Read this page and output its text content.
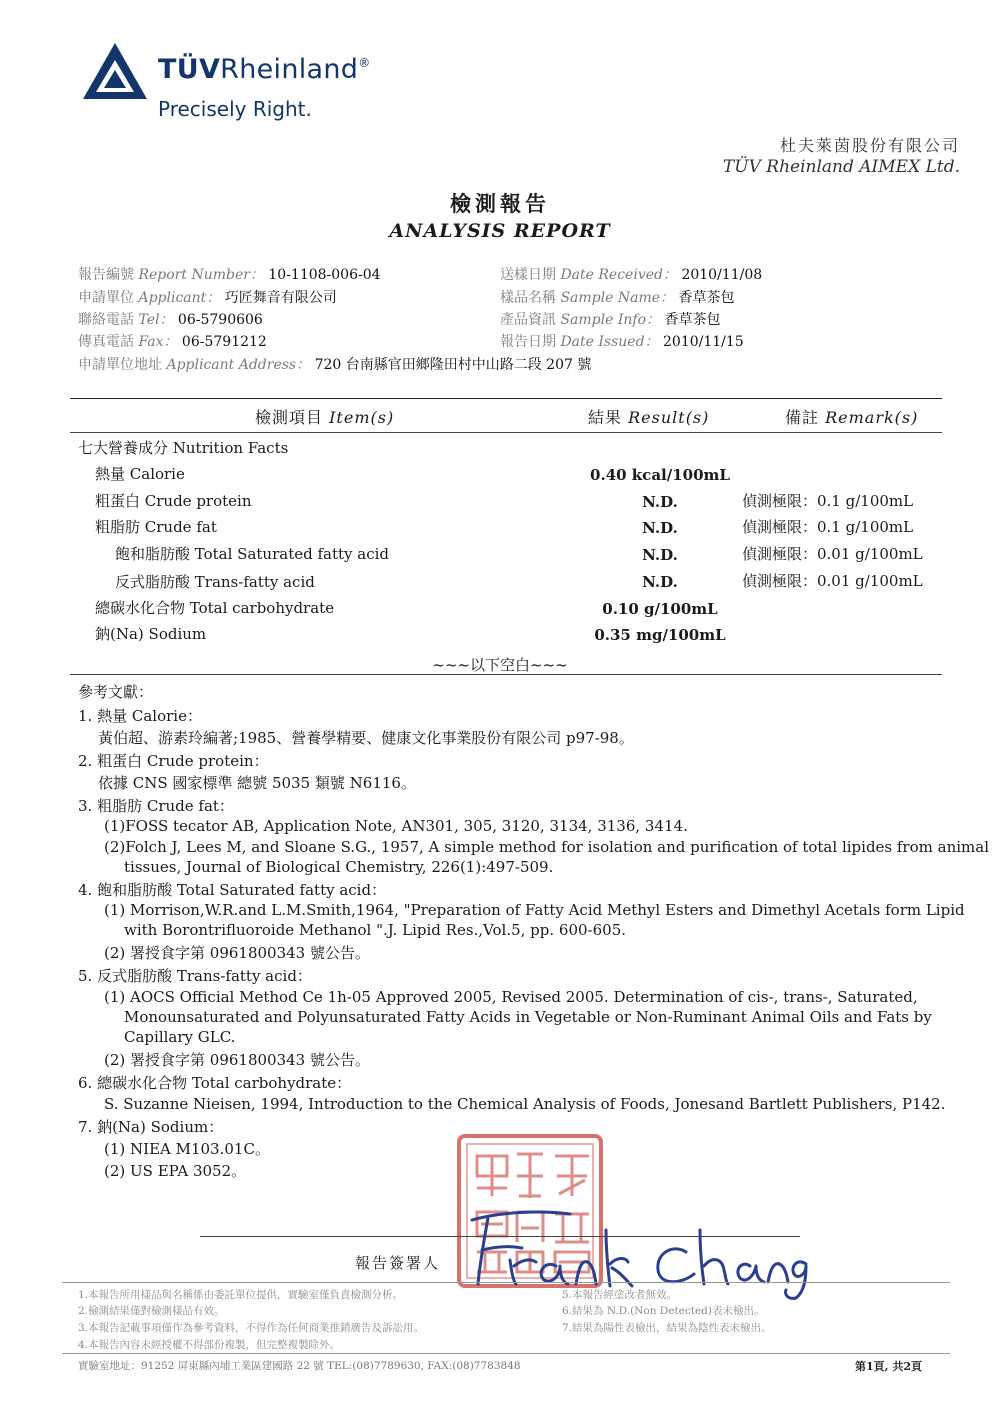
TÜVRheinland®
Precisely Right.
杜夫萊茵股份有限公司
TÜV Rheinland AIMEX Ltd.
檢測報告
ANALYSIS REPORT
報告編號 Report Number： 10-1108-006-04
申請單位 Applicant： 巧匠舞音有限公司
聯絡電話 Tel： 06-5790606
傳真電話 Fax： 06-5791212
申請單位地址 Applicant Address： 720 台南縣官田鄉隆田村中山路二段 207 號
送樣日期 Date Received： 2010/11/08
樣品名稱 Sample Name： 香草茶包
產品資訊 Sample Info： 香草茶包
報告日期 Date Issued： 2010/11/15
檢測項目 Item(s)	結果 Result(s)	備註 Remark(s)
七大營養成分 Nutrition Facts
熱量 Calorie	0.40 kcal/100mL
粗蛋白 Crude protein	N.D.	偵測極限：0.1 g/100mL
粗脂肪 Crude fat	N.D.	偵測極限：0.1 g/100mL
飽和脂肪酸 Total Saturated fatty acid	N.D.	偵測極限：0.01 g/100mL
反式脂肪酸 Trans-fatty acid	N.D.	偵測極限：0.01 g/100mL
總碳水化合物 Total carbohydrate	0.10 g/100mL
鈉(Na) Sodium	0.35 mg/100mL
~~~以下空白~~~
參考文獻：
1. 熱量 Calorie：
黃伯超、游素玲編著;1985、營養學精要、健康文化事業股份有限公司 p97-98。
2. 粗蛋白 Crude protein：
依據 CNS 國家標準 總號 5035 類號 N6116。
3. 粗脂肪 Crude fat：
(1)FOSS tecator AB, Application Note, AN301, 305, 3120, 3134, 3136, 3414.
(2)Folch J, Lees M, and Sloane S.G., 1957, A simple method for isolation and purification of total lipides from animal
tissues, Journal of Biological Chemistry, 226(1):497-509.
4. 飽和脂肪酸 Total Saturated fatty acid：
(1) Morrison,W.R.and L.M.Smith,1964, "Preparation of Fatty Acid Methyl Esters and Dimethyl Acetals form Lipid
with Borontrifluoroide Methanol ".J. Lipid Res.,Vol.5, pp. 600-605.
(2) 署授食字第 0961800343 號公告。
5. 反式脂肪酸 Trans-fatty acid：
(1) AOCS Official Method Ce 1h-05 Approved 2005, Revised 2005. Determination of cis-, trans-, Saturated,
Monounsaturated and Polyunsaturated Fatty Acids in Vegetable or Non-Ruminant Animal Oils and Fats by
Capillary GLC.
(2) 署授食字第 0961800343 號公告。
6. 總碳水化合物 Total carbohydrate：
S. Suzanne Nieisen, 1994, Introduction to the Chemical Analysis of Foods, Jonesand Bartlett Publishers, P142.
7. 鈉(Na) Sodium：
(1) NIEA M103.01C。
(2) US EPA 3052。
報告簽署人
1.本報告所用樣品與名稱係由委託單位提供，實驗室僅負責檢測分析。
2.檢測結果僅對檢測樣品有效。
3.本報告記載事項僅作為參考資料，不得作為任何商業推銷廣告及訴訟用。
4.本報告內容未經授權不得部份複製，但完整複製除外。
5.本報告經塗改者無效。
6.結果為 N.D.(Non Detected)表未檢出。
7.結果為陽性表檢出，結果為陰性表未檢出。
實驗室地址：91252 屏東縣內埔工業區建國路 22 號 TEL:(08)7789630, FAX:(08)7783848	第1頁, 共2頁
